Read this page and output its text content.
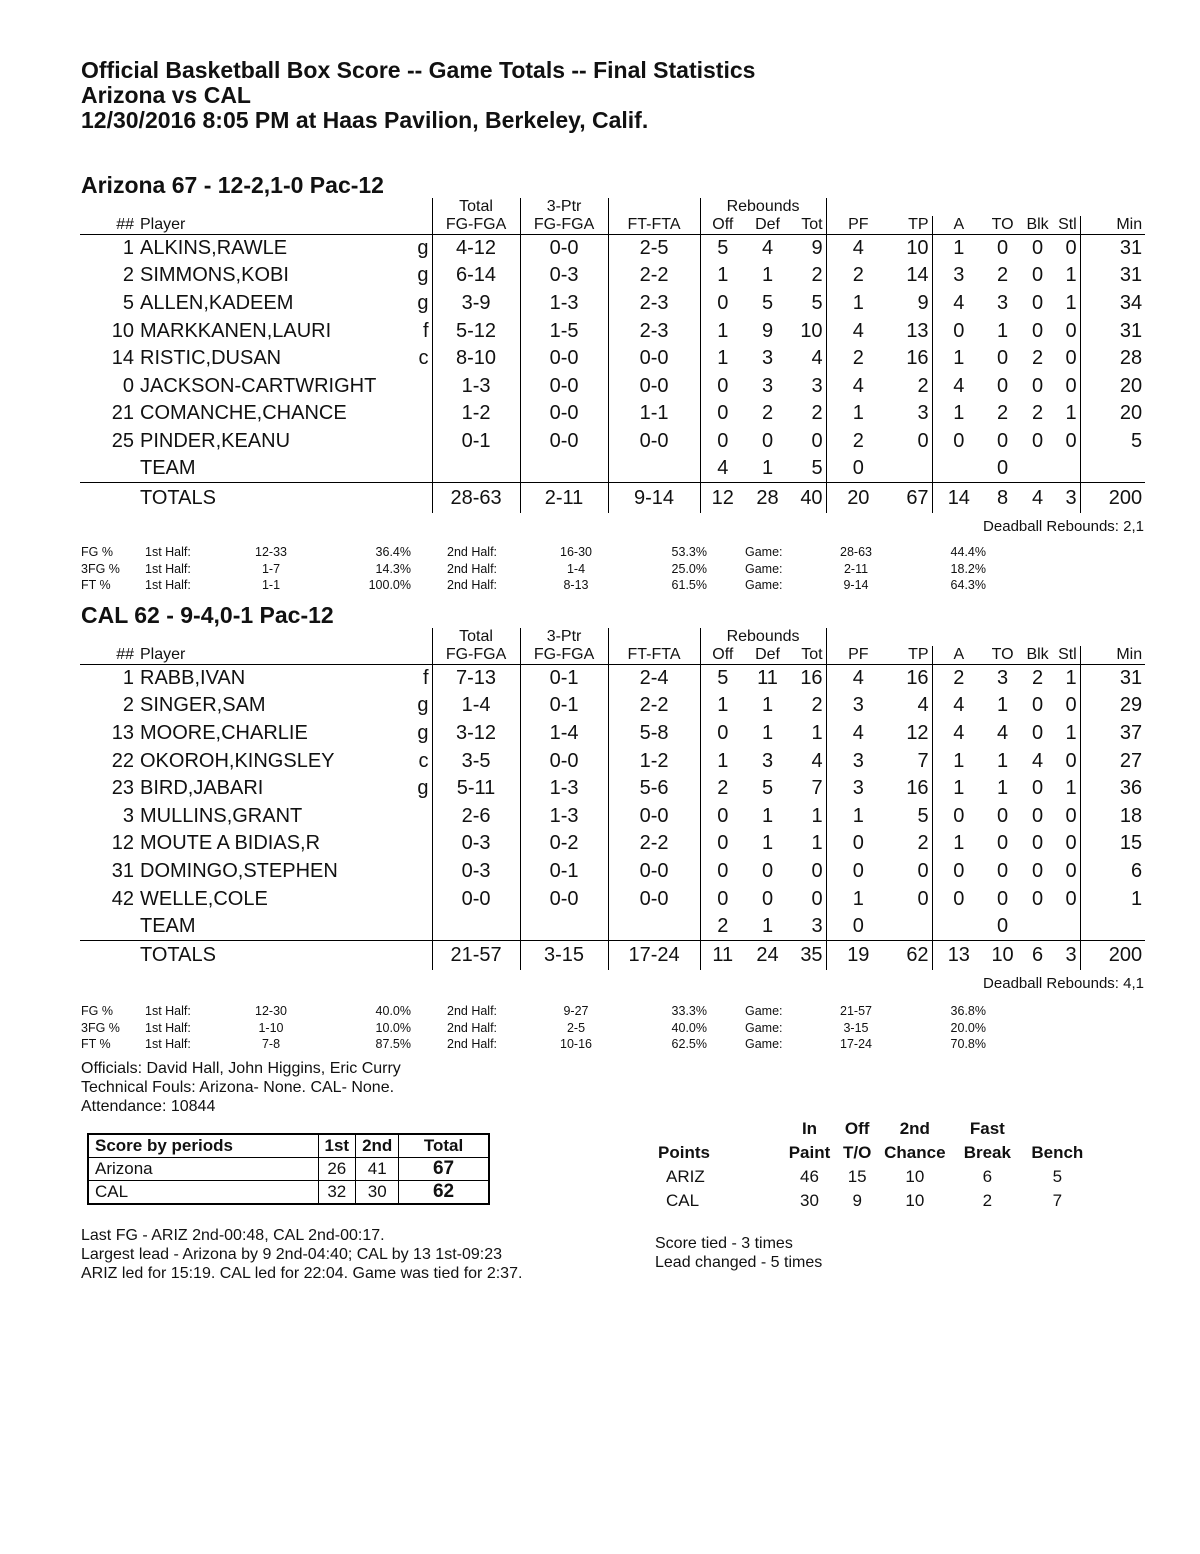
Official Basketball Box Score -- Game Totals -- Final Statistics
Arizona vs CAL
12/30/2016 8:05 PM at Haas Pavilion, Berkeley, Calif.
Arizona 67 - 12-2,1-0 Pac-12
			Total	3-Ptr		Rebounds									
##	Player		FG-FGA	FG-FGA	FT-FTA	Off	Def	Tot	PF	TP	A	TO	Blk	Stl	Min
1	ALKINS,RAWLE	g	4-12	0-0	2-5	5	4	9	4	10	1	0	0	0	31
2	SIMMONS,KOBI	g	6-14	0-3	2-2	1	1	2	2	14	3	2	0	1	31
5	ALLEN,KADEEM	g	3-9	1-3	2-3	0	5	5	1	9	4	3	0	1	34
10	MARKKANEN,LAURI	f	5-12	1-5	2-3	1	9	10	4	13	0	1	0	0	31
14	RISTIC,DUSAN	c	8-10	0-0	0-0	1	3	4	2	16	1	0	2	0	28
0	JACKSON-CARTWRIGHT		1-3	0-0	0-0	0	3	3	4	2	4	0	0	0	20
21	COMANCHE,CHANCE		1-2	0-0	1-1	0	2	2	1	3	1	2	2	1	20
25	PINDER,KEANU		0-1	0-0	0-0	0	0	0	2	0	0	0	0	0	5
	TEAM					4	1	5	0			0			
	TOTALS		28-63	2-11	9-14	12	28	40	20	67	14	8	4	3	200
Deadball Rebounds: 2,1
FG %	1st Half:	12-33	36.4%	2nd Half:	16-30	53.3%	Game:	28-63	44.4%
3FG % 1st Half:	1-7	14.3%	2nd Half:	1-4	25.0%	Game:	2-11	18.2%
FT %	1st Half:	1-1	100.0%	2nd Half:	8-13	61.5%	Game:	9-14	64.3%
CAL 62 - 9-4,0-1 Pac-12
			Total	3-Ptr		Rebounds									
##	Player		FG-FGA	FG-FGA	FT-FTA	Off	Def	Tot	PF	TP	A	TO	Blk	Stl	Min
1	RABB,IVAN	f	7-13	0-1	2-4	5	11	16	4	16	2	3	2	1	31
2	SINGER,SAM	g	1-4	0-1	2-2	1	1	2	3	4	4	1	0	0	29
13	MOORE,CHARLIE	g	3-12	1-4	5-8	0	1	1	4	12	4	4	0	1	37
22	OKOROH,KINGSLEY	c	3-5	0-0	1-2	1	3	4	3	7	1	1	4	0	27
23	BIRD,JABARI	g	5-11	1-3	5-6	2	5	7	3	16	1	1	0	1	36
3	MULLINS,GRANT		2-6	1-3	0-0	0	1	1	1	5	0	0	0	0	18
12	MOUTE A BIDIAS,R		0-3	0-2	2-2	0	1	1	0	2	1	0	0	0	15
31	DOMINGO,STEPHEN		0-3	0-1	0-0	0	0	0	0	0	0	0	0	0	6
42	WELLE,COLE		0-0	0-0	0-0	0	0	0	1	0	0	0	0	0	1
	TEAM					2	1	3	0			0			
	TOTALS		21-57	3-15	17-24	11	24	35	19	62	13	10	6	3	200
Deadball Rebounds: 4,1
FG %	1st Half:	12-30	40.0%	2nd Half:	9-27	33.3%	Game:	21-57	36.8%
3FG % 1st Half:	1-10	10.0%	2nd Half:	2-5	40.0%	Game:	3-15	20.0%
FT %	1st Half:	7-8	87.5%	2nd Half:	10-16	62.5%	Game:	17-24	70.8%
Officials: David Hall, John Higgins, Eric Curry
Technical Fouls: Arizona- None. CAL- None.
Attendance: 10844
Score by periods	1st	2nd	Total
Arizona	26	41	67
CAL	32	30	62
	In	Off	2nd	Fast	
Points	Paint	T/O	Chance	Break	Bench
ARIZ	46	15	10	6	5
CAL	30	9	10	2	7
Last FG - ARIZ 2nd-00:48, CAL 2nd-00:17.
Largest lead - Arizona by 9 2nd-04:40; CAL by 13 1st-09:23
ARIZ led for 15:19. CAL led for 22:04. Game was tied for 2:37.
Score tied - 3 times
Lead changed - 5 times
